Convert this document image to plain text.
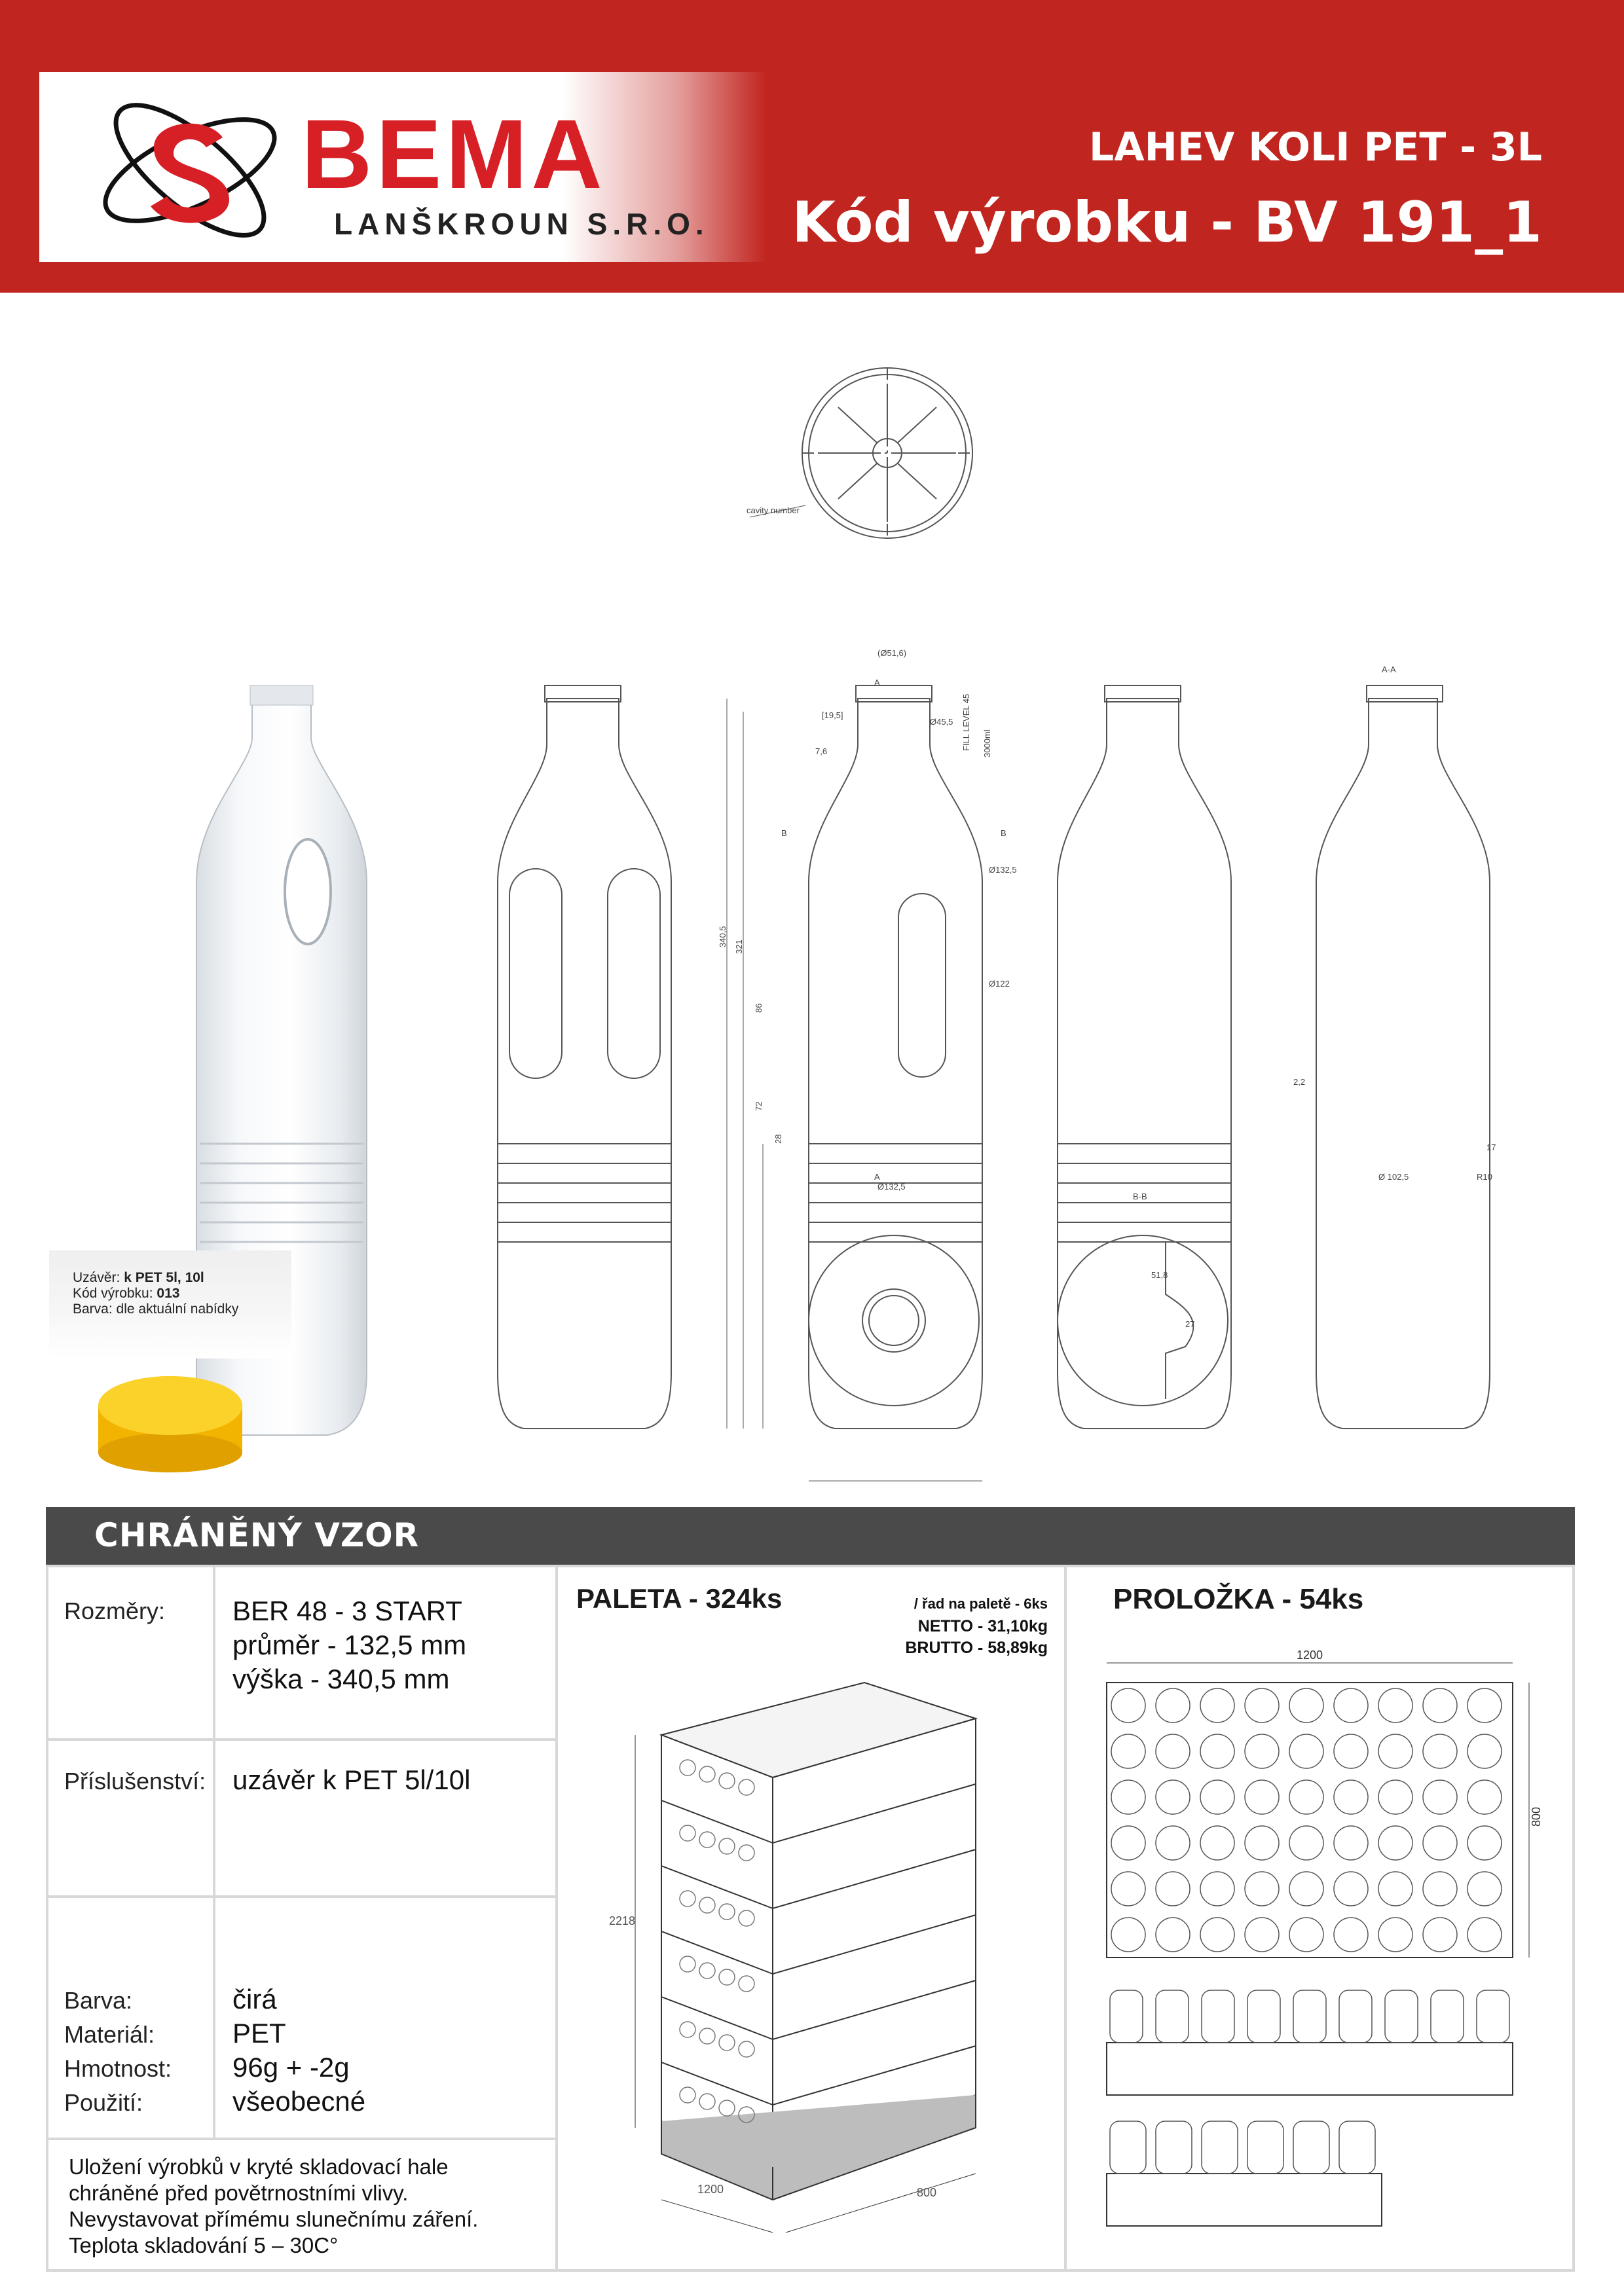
BEMA
LANŠKROUN S.R.O.
LAHEV KOLI PET - 3L
Kód výrobku - BV 191_1
cavity number
(Ø51,6)
A
Ø45,5
[19,5]
7,6
FILL LEVEL 45 3000ml
B	B
Ø132,5
Ø122
340,5 321
86
72
28
A
Ø132,5
B-B
A-A
2,2
Ø 102,5
17
R10
51,8
27
Uzávěr: k PET 5l, 10l
Kód výrobku: 013
Barva: dle aktuální nabídky
CHRÁNĚNÝ VZOR
Rozměry: BER 48 - 3 START
průměr - 132,5 mm
výška - 340,5 mm
Příslušenství: uzávěr k PET 5l/10l
Barva:	čirá
Materiál:	PET
Hmotnost: 96g + -2g
Použití:	všeobecné
Uložení výrobků v kryté skladovací hale
chráněné před povětrnostními vlivy.
Nevystavovat přímému slunečnímu záření.
Teplota skladování 5 – 30C°
PALETA - 324ks	/ řad na paletě - 6ks
NETTO - 31,10kg
BRUTTO - 58,89kg
2218
1200	800
PROLOŽKA - 54ks
1200
800
